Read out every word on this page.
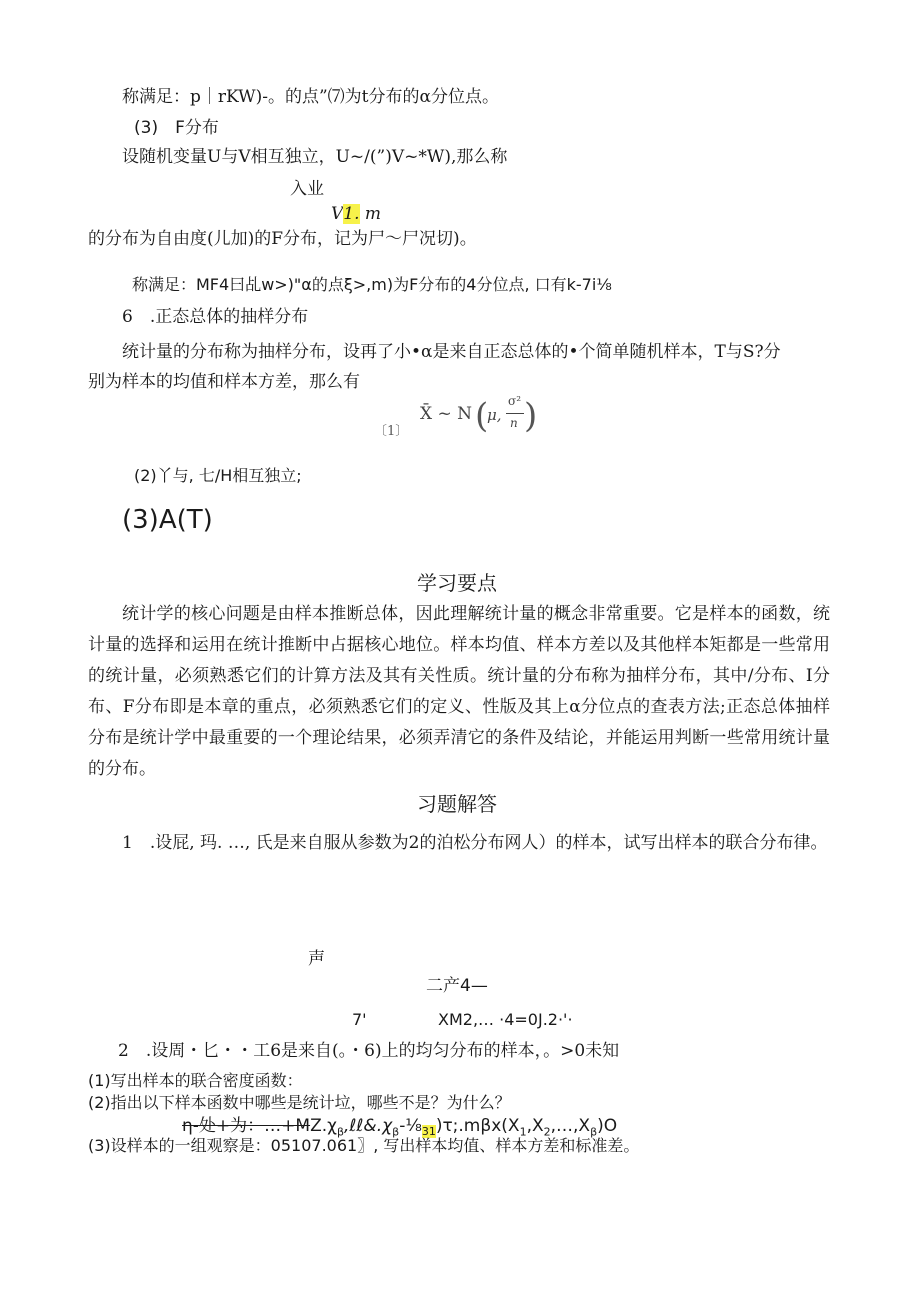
称满足：p｜rKW)-。的点”⑺为t分布的α分位点。
(3)　F分布
设随机变量U与V相互独立，U~/(”)V~*W),那么称
入业
V1. m
的分布为自由度(儿加)的F分布，记为尸〜尸况切)。
称满足：MF4曰乩w>)"α的点ξ>,m)为F分布的4分位点, 口有k-7i⅛
6　.正态总体的抽样分布
统计量的分布称为抽样分布，设再了小•α是来自正态总体的•个简单随机样本，T与S?分
别为样本的均值和样本方差，那么有
〔1〕
X̄ ~ N (
μ,
σ²
n )
(2)丫与, 七/H相互独立;
(3)A(T)
学习要点
统计学的核心问题是由样本推断总体，因此理解统计量的概念非常重要。它是样本的函数，统计量的选择和运用在统计推断中占据核心地位。样本均值、样本方差以及其他样本矩都是一些常用的统计量，必须熟悉它们的计算方法及其有关性质。统计量的分布称为抽样分布，其中/分布、I分布、F分布即是本章的重点，必须熟悉它们的定义、性版及其上α分位点的查表方法;正态总体抽样分布是统计学中最重要的一个理论结果，必须弄清它的条件及结论，并能运用判断一些常用统计量的分布。
习题解答
1　.设屁, 玛. …, 氏是来自服从参数为2的泊松分布网人）的样本，试写出样本的联合分布律。
声
二产4—
7'	XM2,… ·4=0J.2·'·
2　.设周・匕・・工6是来自(。・6)上的均匀分布的样本，。>0未知
(1)写出样本的联合密度函数：
(2)指出以下样本函数中哪些是统计垃，哪些不是？为什么？
η-处+为：$\dots+MZ.\chi_\beta,\ell\ell\&.\chi_\beta-\frac{1}{8}_{31})\tau;.m\beta x(X_1,X_2,\dots,X_\beta)O$
(3)设样本的一组观察是：05107.061〗, 写出样本均值、样本方差和标准差。
